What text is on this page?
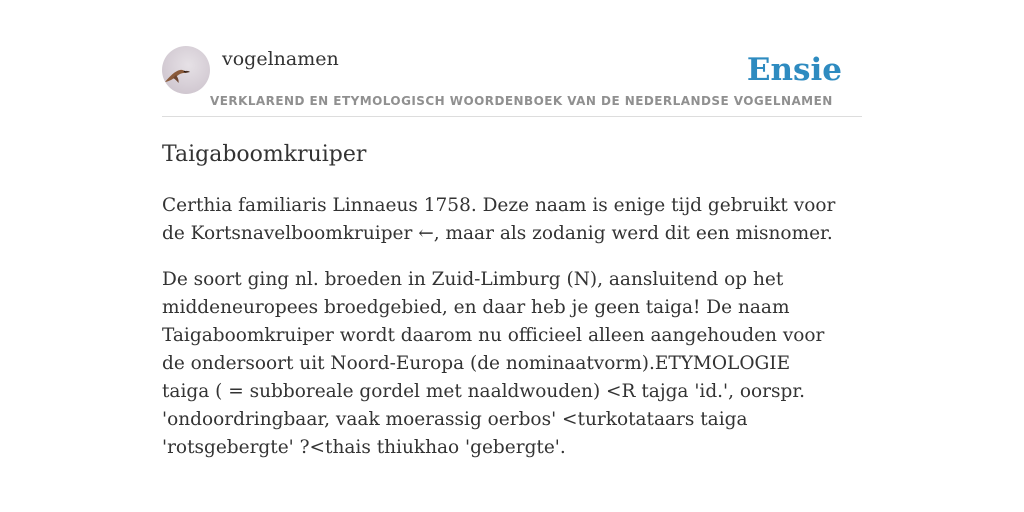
vogelnamen	Ensie
VERKLAREND EN ETYMOLOGISCH WOORDENBOEK VAN DE NEDERLANDSE VOGELNAMEN
Taigaboomkruiper

Certhia familiaris Linnaeus 1758. Deze naam is enige tijd gebruikt voor de Kortsnavelboomkruiper ←, maar als zodanig werd dit een misnomer.

De soort ging nl. broeden in Zuid-Limburg (N), aansluitend op het middeneuropees broedgebied, en daar heb je geen taiga! De naam Taigaboomkruiper wordt daarom nu officieel alleen aangehouden voor de ondersoort uit Noord-Europa (de nominaatvorm).ETYMOLOGIE taiga ( = subboreale gordel met naaldwouden) <R tajga 'id.', oorspr. 'ondoordringbaar, vaak moerassig oerbos' <turkotataars taiga 'rotsgebergte' ?<thais thiukhao 'gebergte'.
